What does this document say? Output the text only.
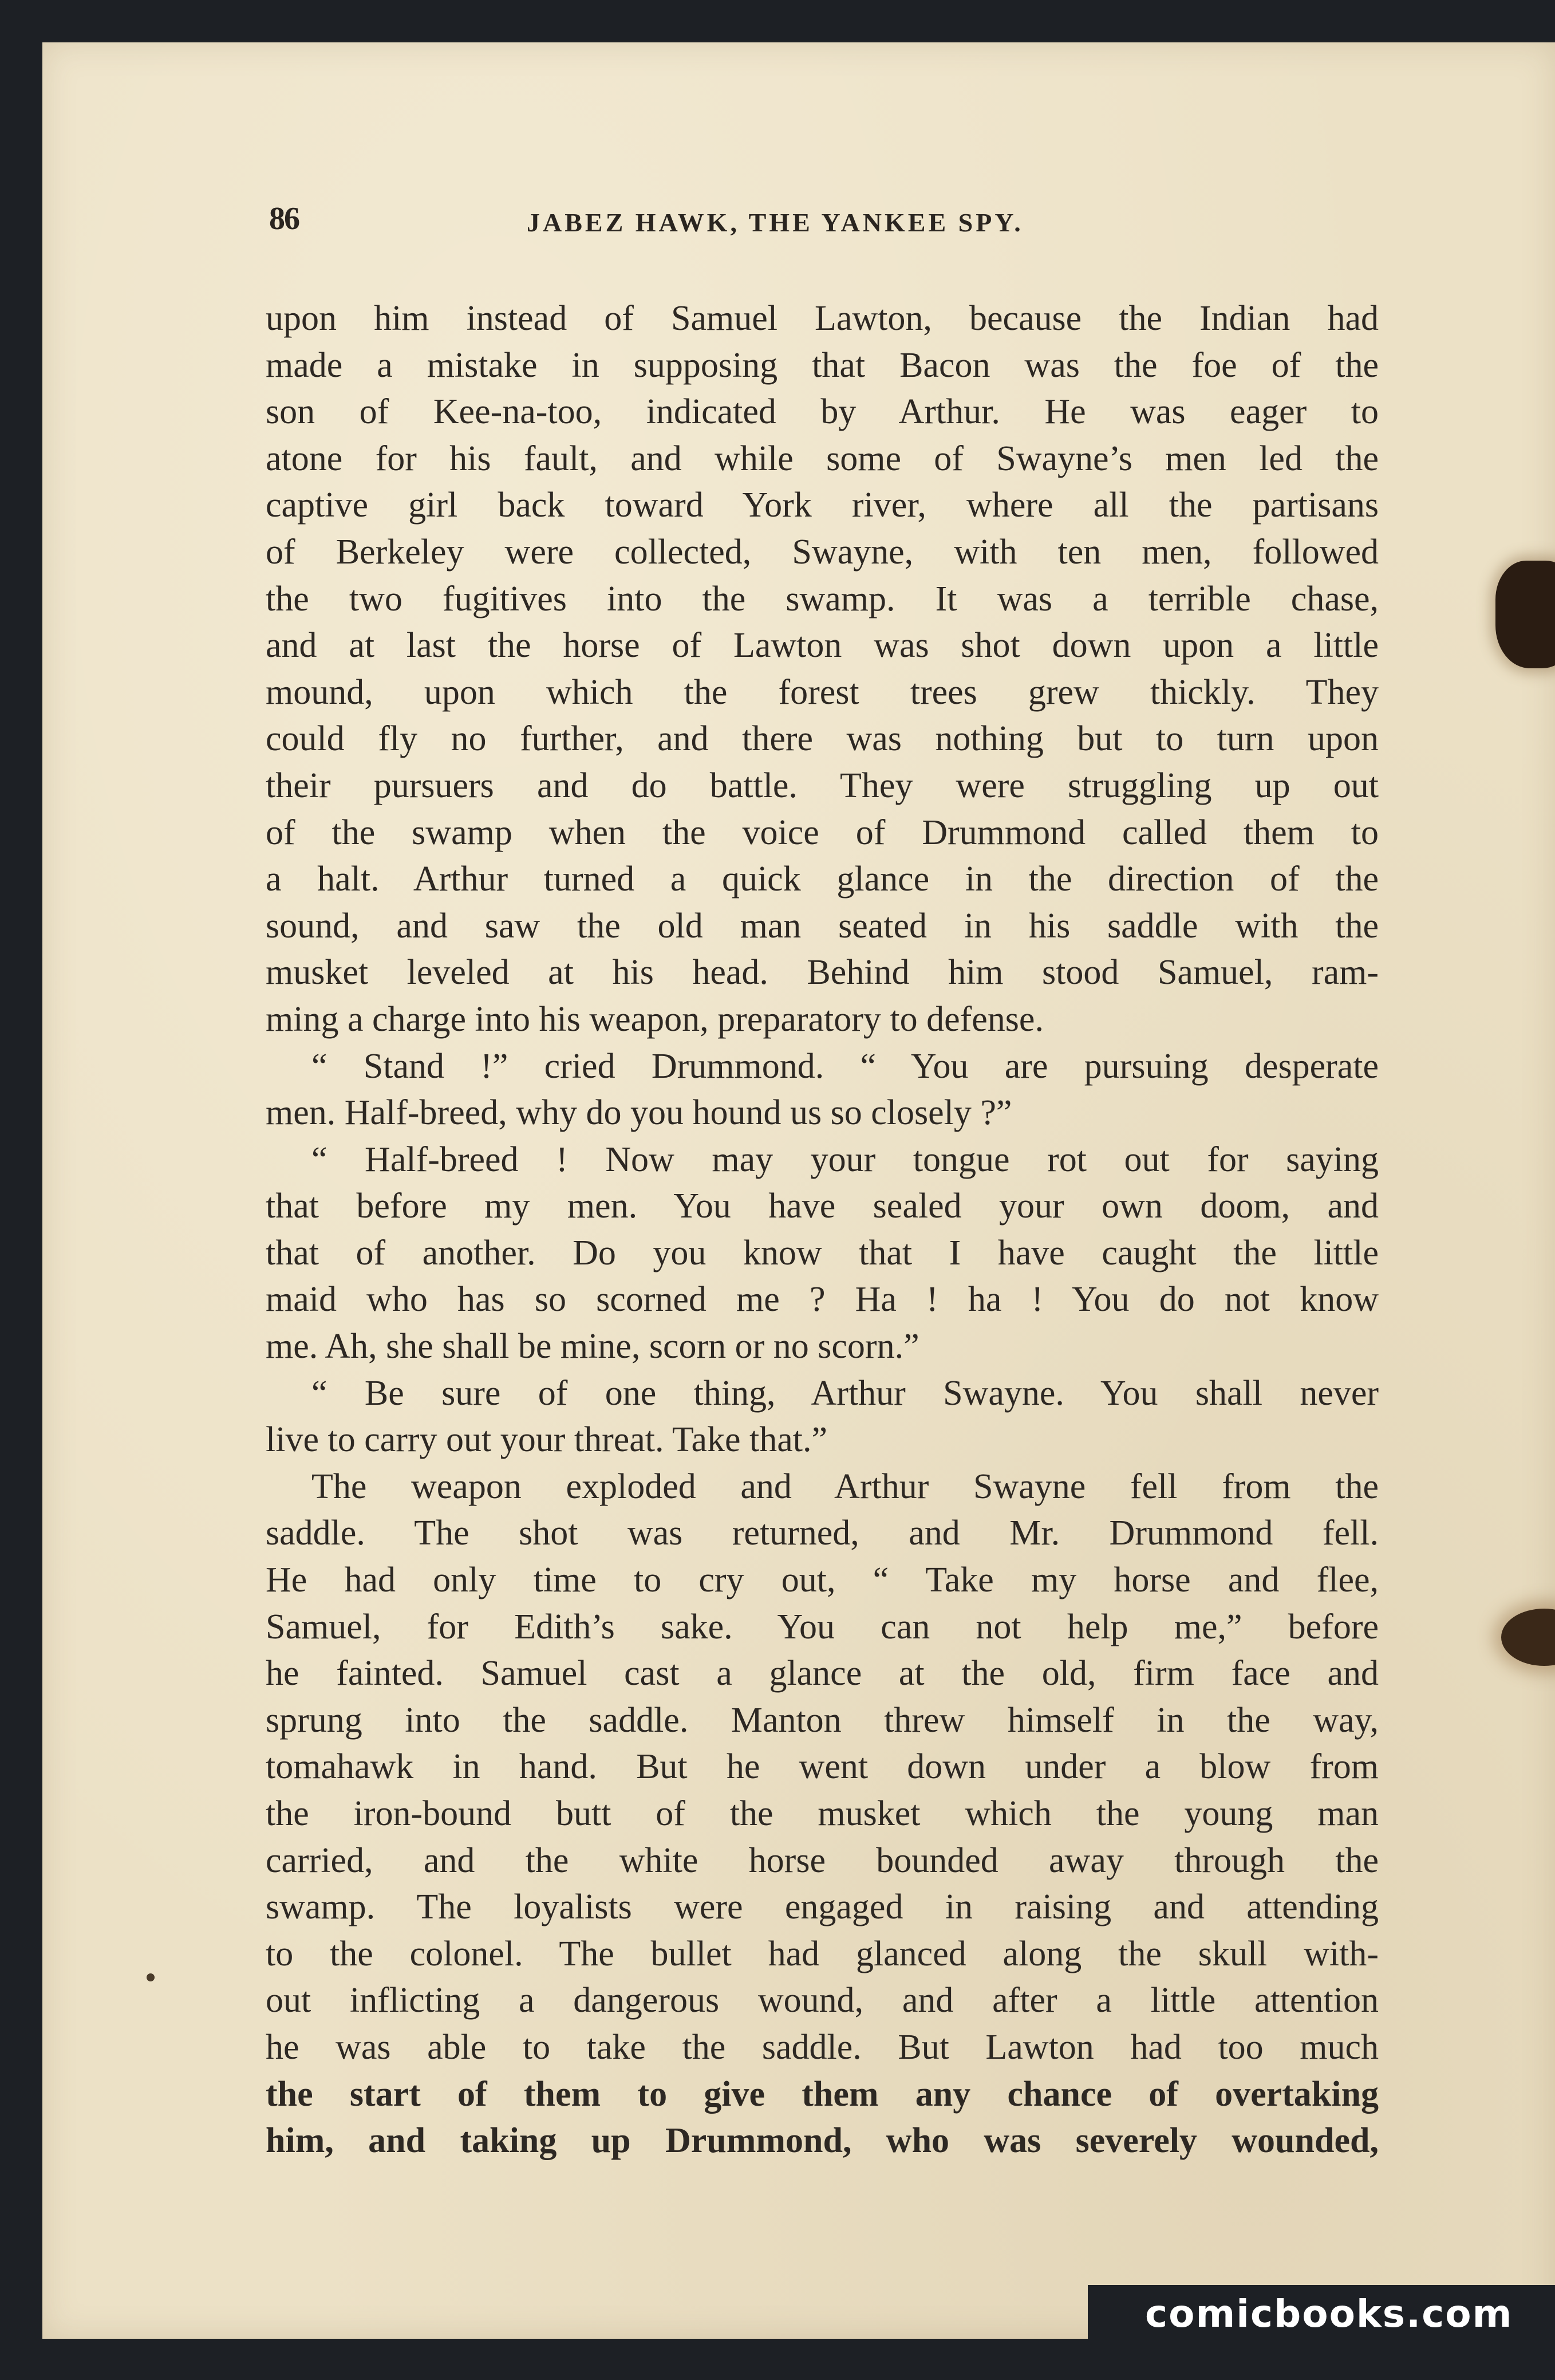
86	JABEZ HAWK, THE YANKEE SPY.
upon him instead of Samuel Lawton, because the Indian had
made a mistake in supposing that Bacon was the foe of the
son of Kee-na-too, indicated by Arthur. He was eager to
atone for his fault, and while some of Swayne’s men led the
captive girl back toward York river, where all the partisans
of Berkeley were collected, Swayne, with ten men, followed
the two fugitives into the swamp. It was a terrible chase,
and at last the horse of Lawton was shot down upon a little
mound, upon which the forest trees grew thickly. They
could fly no further, and there was nothing but to turn upon
their pursuers and do battle. They were struggling up out
of the swamp when the voice of Drummond called them to
a halt. Arthur turned a quick glance in the direction of the
sound, and saw the old man seated in his saddle with the
musket leveled at his head. Behind him stood Samuel, ram-
ming a charge into his weapon, preparatory to defense.
“ Stand !” cried Drummond. “ You are pursuing desperate
men. Half-breed, why do you hound us so closely ?”
“ Half-breed ! Now may your tongue rot out for saying
that before my men. You have sealed your own doom, and
that of another. Do you know that I have caught the little
maid who has so scorned me ? Ha ! ha ! You do not know
me. Ah, she shall be mine, scorn or no scorn.”
“ Be sure of one thing, Arthur Swayne. You shall never
live to carry out your threat. Take that.”
The weapon exploded and Arthur Swayne fell from the
saddle. The shot was returned, and Mr. Drummond fell.
He had only time to cry out, “ Take my horse and flee,
Samuel, for Edith’s sake. You can not help me,” before
he fainted. Samuel cast a glance at the old, firm face and
sprung into the saddle. Manton threw himself in the way,
tomahawk in hand. But he went down under a blow from
the iron-bound butt of the musket which the young man
carried, and the white horse bounded away through the
swamp. The loyalists were engaged in raising and attending
to the colonel. The bullet had glanced along the skull with-
out inflicting a dangerous wound, and after a little attention
he was able to take the saddle. But Lawton had too much
the start of them to give them any chance of overtaking
him, and taking up Drummond, who was severely wounded,
comicbooks.com
